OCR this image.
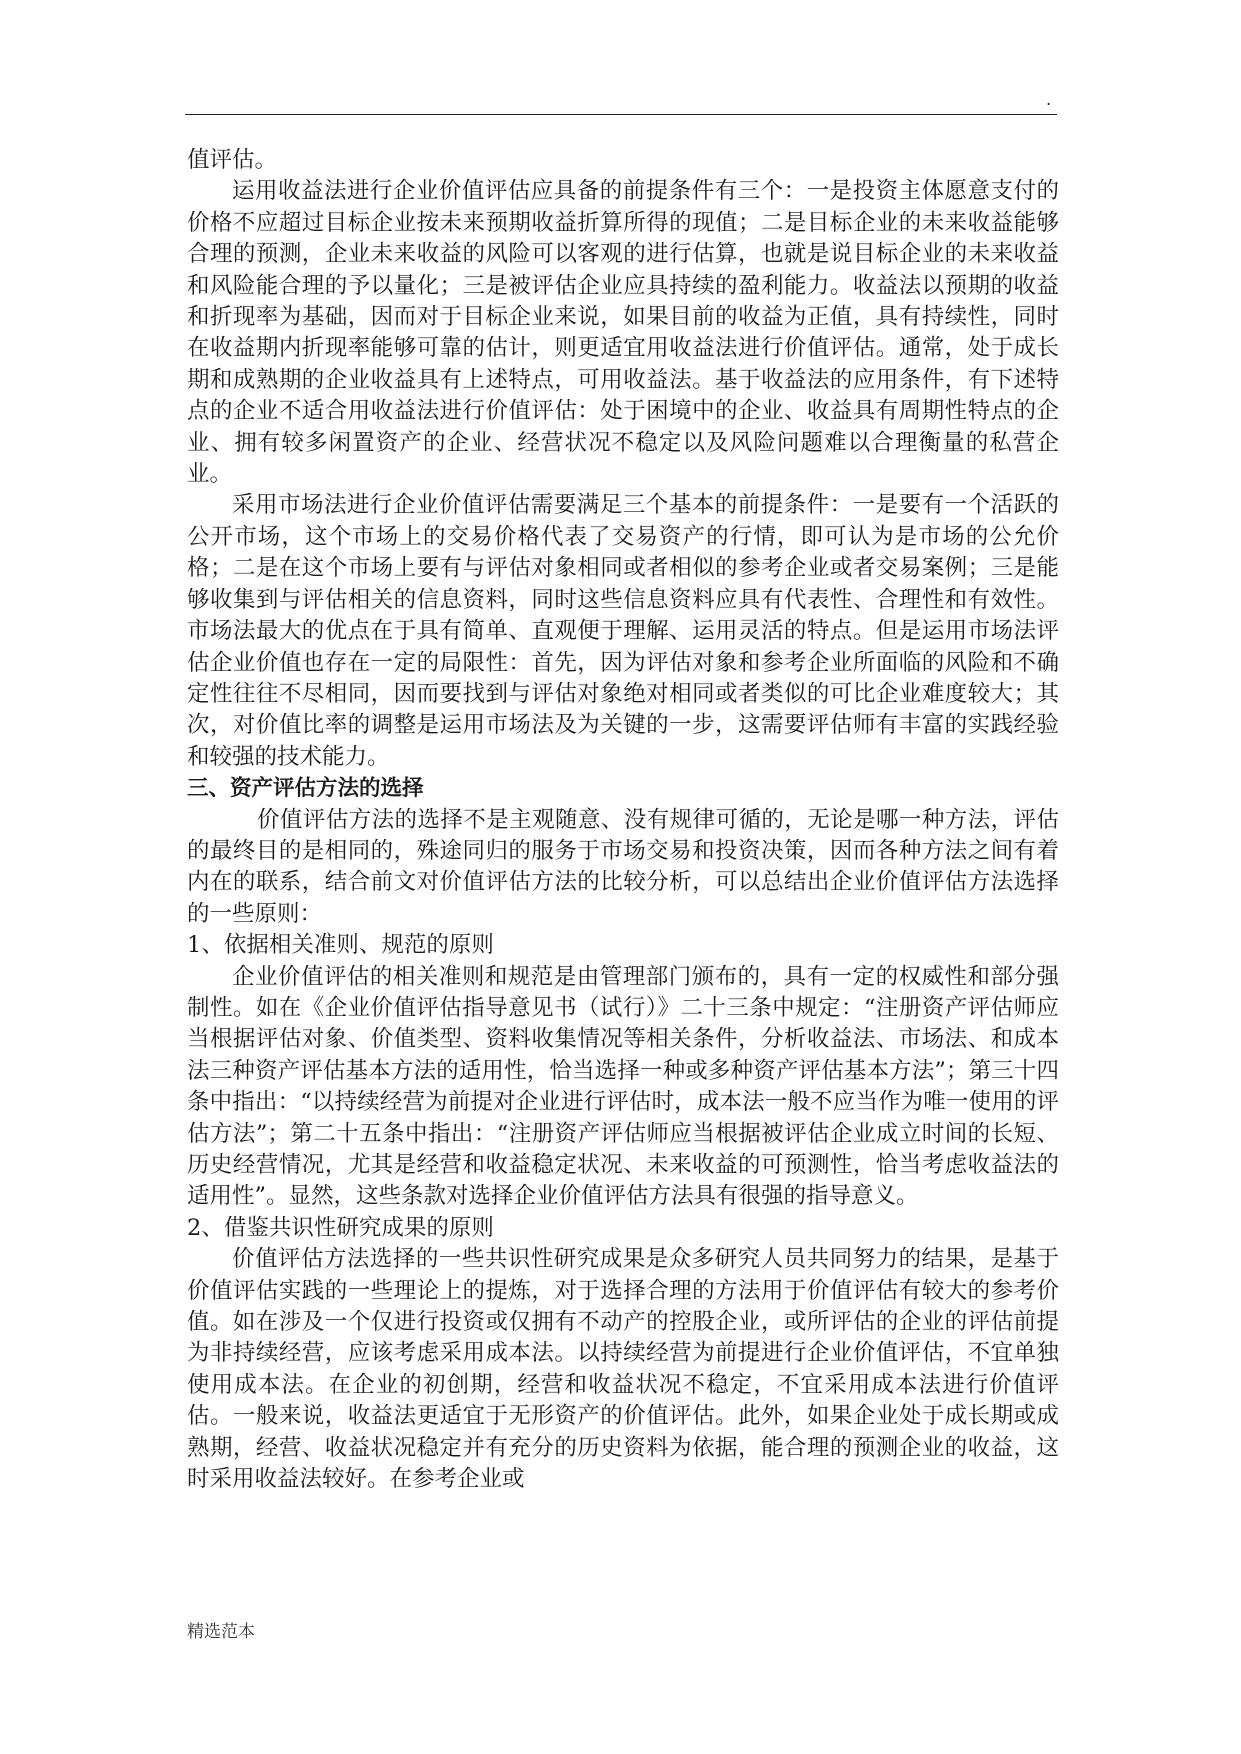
.

值评估。

运用收益法进行企业价值评估应具备的前提条件有三个：一是投资主体愿意支付的价格不应超过目标企业按未来预期收益折算所得的现值；二是目标企业的未来收益能够合理的预测，企业未来收益的风险可以客观的进行估算，也就是说目标企业的未来收益和风险能合理的予以量化；三是被评估企业应具持续的盈利能力。收益法以预期的收益和折现率为基础，因而对于目标企业来说，如果目前的收益为正值，具有持续性，同时在收益期内折现率能够可靠的估计，则更适宜用收益法进行价值评估。通常，处于成长期和成熟期的企业收益具有上述特点，可用收益法。基于收益法的应用条件，有下述特点的企业不适合用收益法进行价值评估：处于困境中的企业、收益具有周期性特点的企业、拥有较多闲置资产的企业、经营状况不稳定以及风险问题难以合理衡量的私营企业。

采用市场法进行企业价值评估需要满足三个基本的前提条件：一是要有一个活跃的公开市场，这个市场上的交易价格代表了交易资产的行情，即可认为是市场的公允价格；二是在这个市场上要有与评估对象相同或者相似的参考企业或者交易案例；三是能够收集到与评估相关的信息资料，同时这些信息资料应具有代表性、合理性和有效性。市场法最大的优点在于具有简单、直观便于理解、运用灵活的特点。但是运用市场法评估企业价值也存在一定的局限性：首先，因为评估对象和参考企业所面临的风险和不确定性往往不尽相同，因而要找到与评估对象绝对相同或者类似的可比企业难度较大；其次，对价值比率的调整是运用市场法及为关键的一步，这需要评估师有丰富的实践经验和较强的技术能力。

三、资产评估方法的选择

价值评估方法的选择不是主观随意、没有规律可循的，无论是哪一种方法，评估的最终目的是相同的，殊途同归的服务于市场交易和投资决策，因而各种方法之间有着内在的联系，结合前文对价值评估方法的比较分析，可以总结出企业价值评估方法选择的一些原则：

1、依据相关准则、规范的原则

企业价值评估的相关准则和规范是由管理部门颁布的，具有一定的权威性和部分强制性。如在《企业价值评估指导意见书（试行）》二十三条中规定：“注册资产评估师应当根据评估对象、价值类型、资料收集情况等相关条件，分析收益法、市场法、和成本法三种资产评估基本方法的适用性，恰当选择一种或多种资产评估基本方法”；第三十四条中指出：“以持续经营为前提对企业进行评估时，成本法一般不应当作为唯一使用的评估方法”；第二十五条中指出：“注册资产评估师应当根据被评估企业成立时间的长短、历史经营情况，尤其是经营和收益稳定状况、未来收益的可预测性，恰当考虑收益法的适用性”。显然，这些条款对选择企业价值评估方法具有很强的指导意义。

2、借鉴共识性研究成果的原则

价值评估方法选择的一些共识性研究成果是众多研究人员共同努力的结果，是基于价值评估实践的一些理论上的提炼，对于选择合理的方法用于价值评估有较大的参考价值。如在涉及一个仅进行投资或仅拥有不动产的控股企业，或所评估的企业的评估前提为非持续经营，应该考虑采用成本法。以持续经营为前提进行企业价值评估，不宜单独使用成本法。在企业的初创期，经营和收益状况不稳定，不宜采用成本法进行价值评估。一般来说，收益法更适宜于无形资产的价值评估。此外，如果企业处于成长期或成熟期，经营、收益状况稳定并有充分的历史资料为依据，能合理的预测企业的收益，这时采用收益法较好。在参考企业或

精选范本
